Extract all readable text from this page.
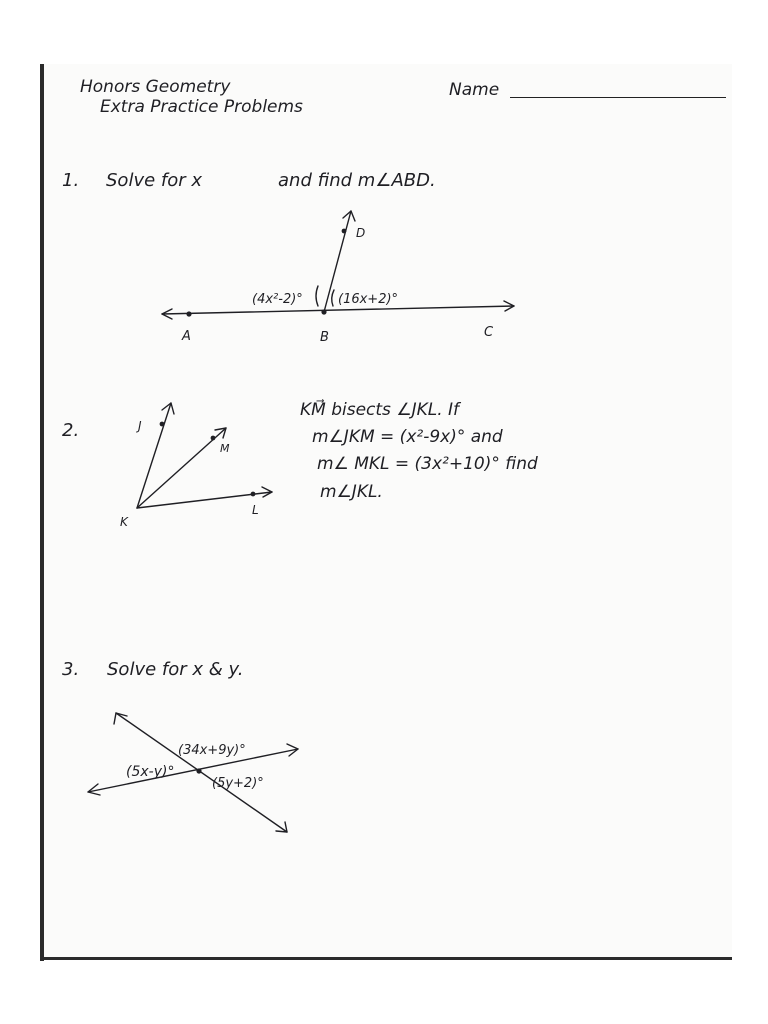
Honors Geometry
Extra Practice Problems
Name
1. Solve for x	and find m∠ABD.
A	B	C
D
(4x²-2)°	(16x+2)°
2.
KM⃗ bisects ∠JKL. If
m∠JKM = (x²-9x)° and
m∠ MKL = (3x²+10)° find
m∠JKL.
J
M
K
L
3. Solve for x & y.
(5x-y)°
(34x+9y)°
(5y+2)°
